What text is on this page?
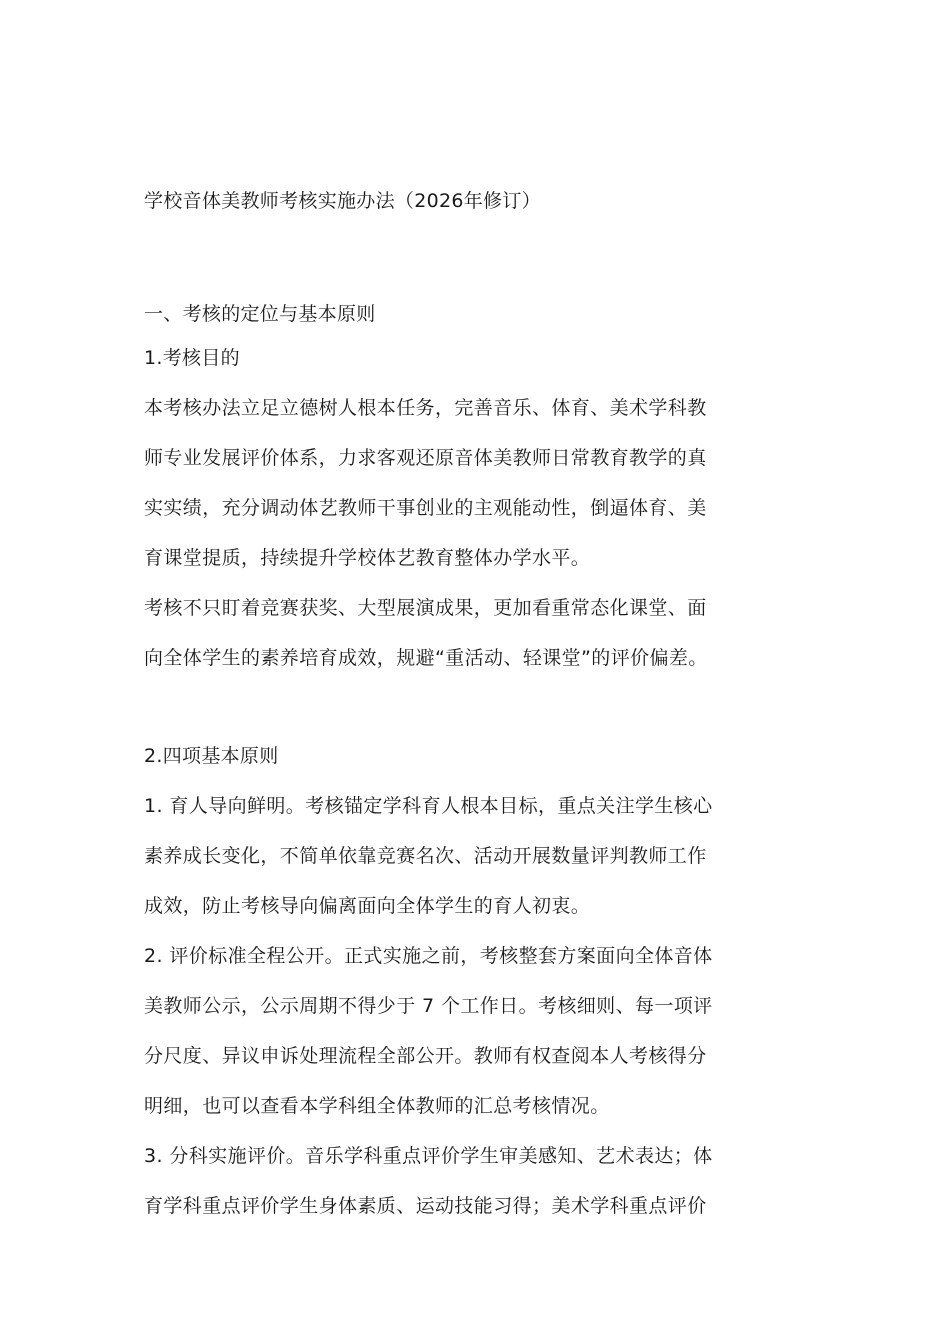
学校音体美教师考核实施办法（2026年修订）
一、考核的定位与基本原则
1.考核目的
本考核办法立足立德树人根本任务，完善音乐、体育、美术学科教
师专业发展评价体系，力求客观还原音体美教师日常教育教学的真
实实绩，充分调动体艺教师干事创业的主观能动性，倒逼体育、美
育课堂提质，持续提升学校体艺教育整体办学水平。
考核不只盯着竞赛获奖、大型展演成果，更加看重常态化课堂、面
向全体学生的素养培育成效，规避“重活动、轻课堂”的评价偏差。
2.四项基本原则
1. 育人导向鲜明。考核锚定学科育人根本目标，重点关注学生核心
素养成长变化，不简单依靠竞赛名次、活动开展数量评判教师工作
成效，防止考核导向偏离面向全体学生的育人初衷。
2. 评价标准全程公开。正式实施之前，考核整套方案面向全体音体
美教师公示，公示周期不得少于 7 个工作日。考核细则、每一项评
分尺度、异议申诉处理流程全部公开。教师有权查阅本人考核得分
明细，也可以查看本学科组全体教师的汇总考核情况。
3. 分科实施评价。音乐学科重点评价学生审美感知、艺术表达；体
育学科重点评价学生身体素质、运动技能习得；美术学科重点评价
